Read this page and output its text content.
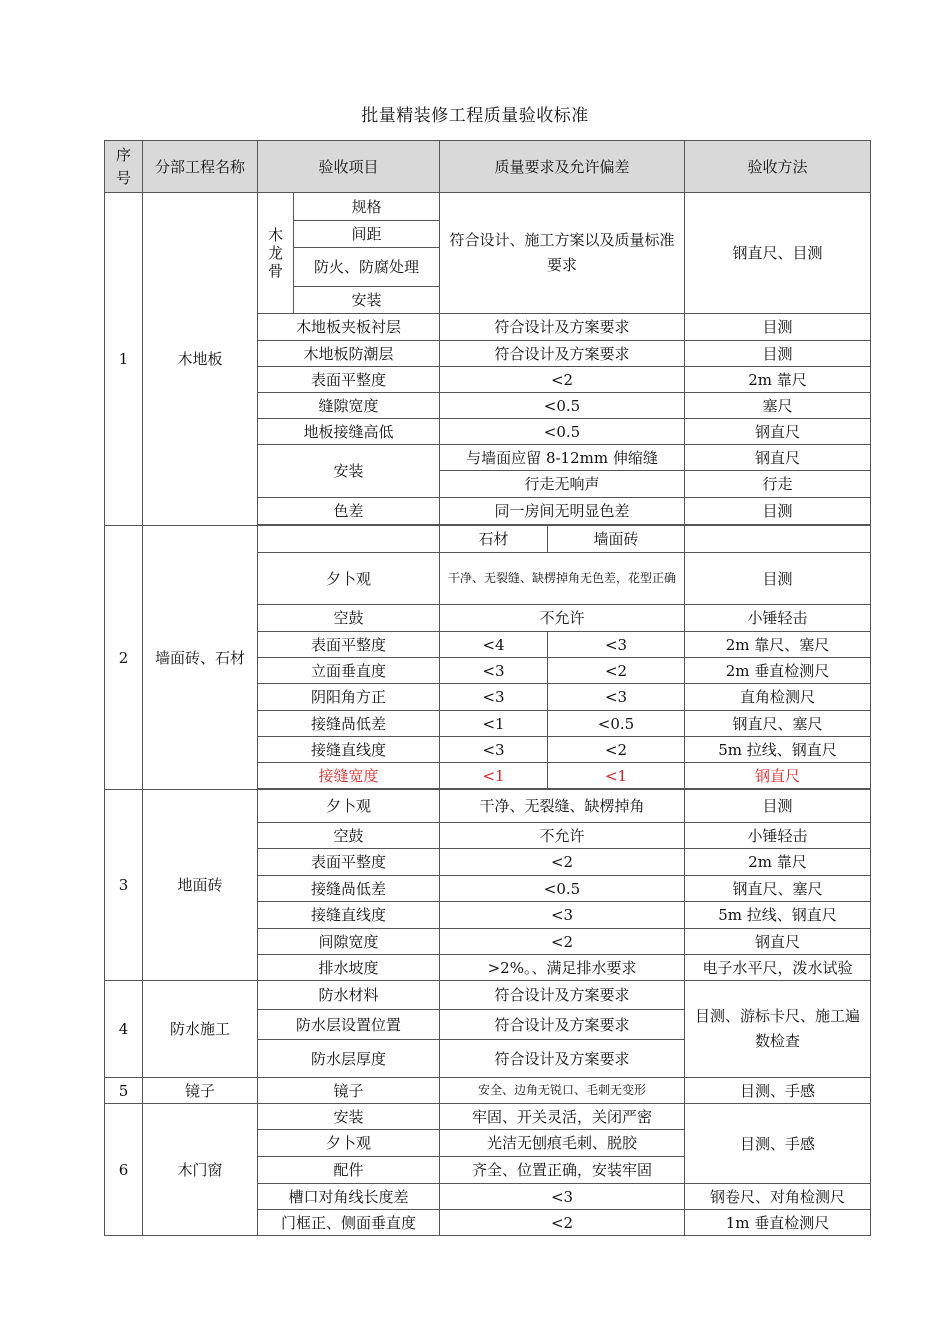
批量精装修工程质量验收标准
序号	分部工程名称	验收项目		质量要求及允许偏差		验收方法
1	木地板	木龙骨	规格	符合设计、施工方案以及质量标准要求		钢直尺、目测
			间距			
			防火、防腐处理			
			安装			
		木地板夹板衬层		符合设计及方案要求		目测
		木地板防潮层		符合设计及方案要求		目测
		表面平整度		<2		2m 靠尺
		缝隙宽度		<0.5		塞尺
		地板接缝高低		<0.5		钢直尺
		安装		与墙面应留 8-12mm 伸缩缝		钢直尺
				行走无响声		行走
		色差		同一房间无明显色差		目测

2	墙面砖、石材			石材	墙面砖	
		夕卜观		干净、无裂缝、缺楞掉角无色差，花型正确		目测
		空鼓		不允许		小锤轻击
		表面平整度		<4	<3	2m 靠尺、塞尺
		立面垂直度		<3	<2	2m 垂直检测尺
		阴阳角方正		<3	<3	直角检测尺
		接缝咼低差		<1	<0.5	钢直尺、塞尺
		接缝直线度		<3	<2	5m 拉线、钢直尺
		接缝宽度		<1	<1	钢直尺

3	地面砖	夕卜观		干净、无裂缝、缺楞掉角		目测
		空鼓		不允许		小锤轻击
		表面平整度		<2		2m 靠尺
		接缝咼低差		<0.5		钢直尺、塞尺
		接缝直线度		<3		5m 拉线、钢直尺
		间隙宽度		<2		钢直尺
		排水坡度		>2%。、满足排水要求		电子水平尺，泼水试验
4	防水施工	防水材料		符合设计及方案要求		目测、游标卡尺、施工遍数检查
		防水层设置位置		符合设计及方案要求		
		防水层厚度		符合设计及方案要求		
5	镜子	镜子		安全、边角无锐口、毛刺无变形		目测、手感
6	木门窗	安装		牢固、开关灵活，关闭严密		目测、手感
		夕卜观		光洁无刨痕毛刺、脱胶		
		配件		齐全、位置正确，安装牢固		
		槽口对角线长度差		<3		钢卷尺、对角检测尺
		门框正、侧面垂直度		<2		1m 垂直检测尺
